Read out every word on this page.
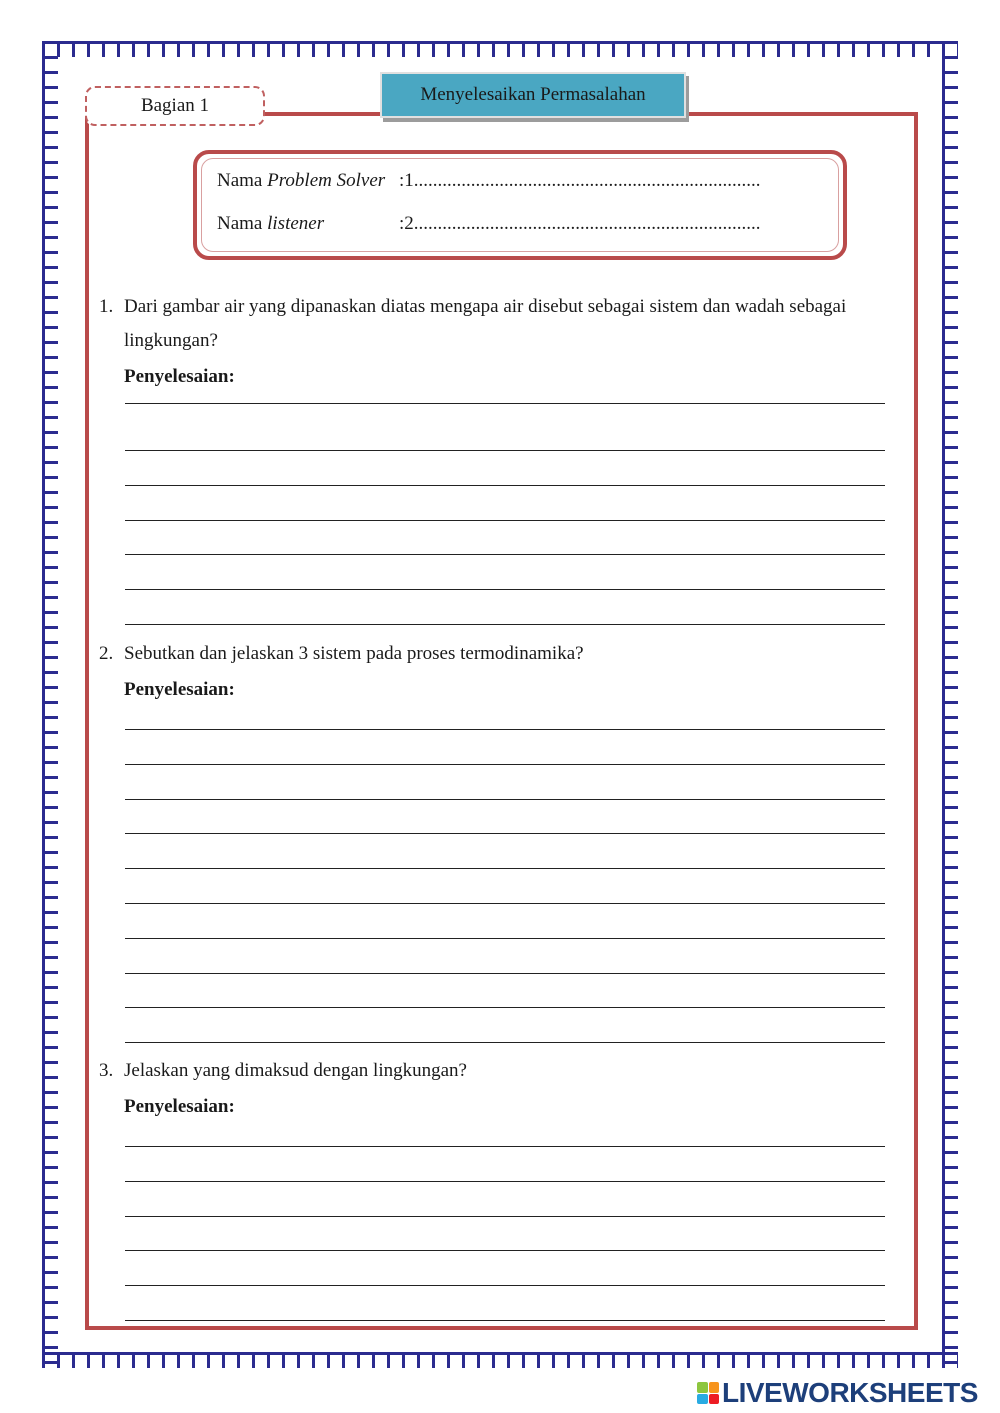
Bagian 1
Menyelesaikan Permasalahan
Nama Problem Solver :1.........................................................................
Nama listener	:2.........................................................................
1. Dari gambar air yang dipanaskan diatas mengapa air disebut sebagai sistem dan wadah sebagai lingkungan?
Penyelesaian:
2. Sebutkan dan jelaskan 3 sistem pada proses termodinamika?
Penyelesaian:
3. Jelaskan yang dimaksud dengan lingkungan?
Penyelesaian:
LIVEWORKSHEETS
